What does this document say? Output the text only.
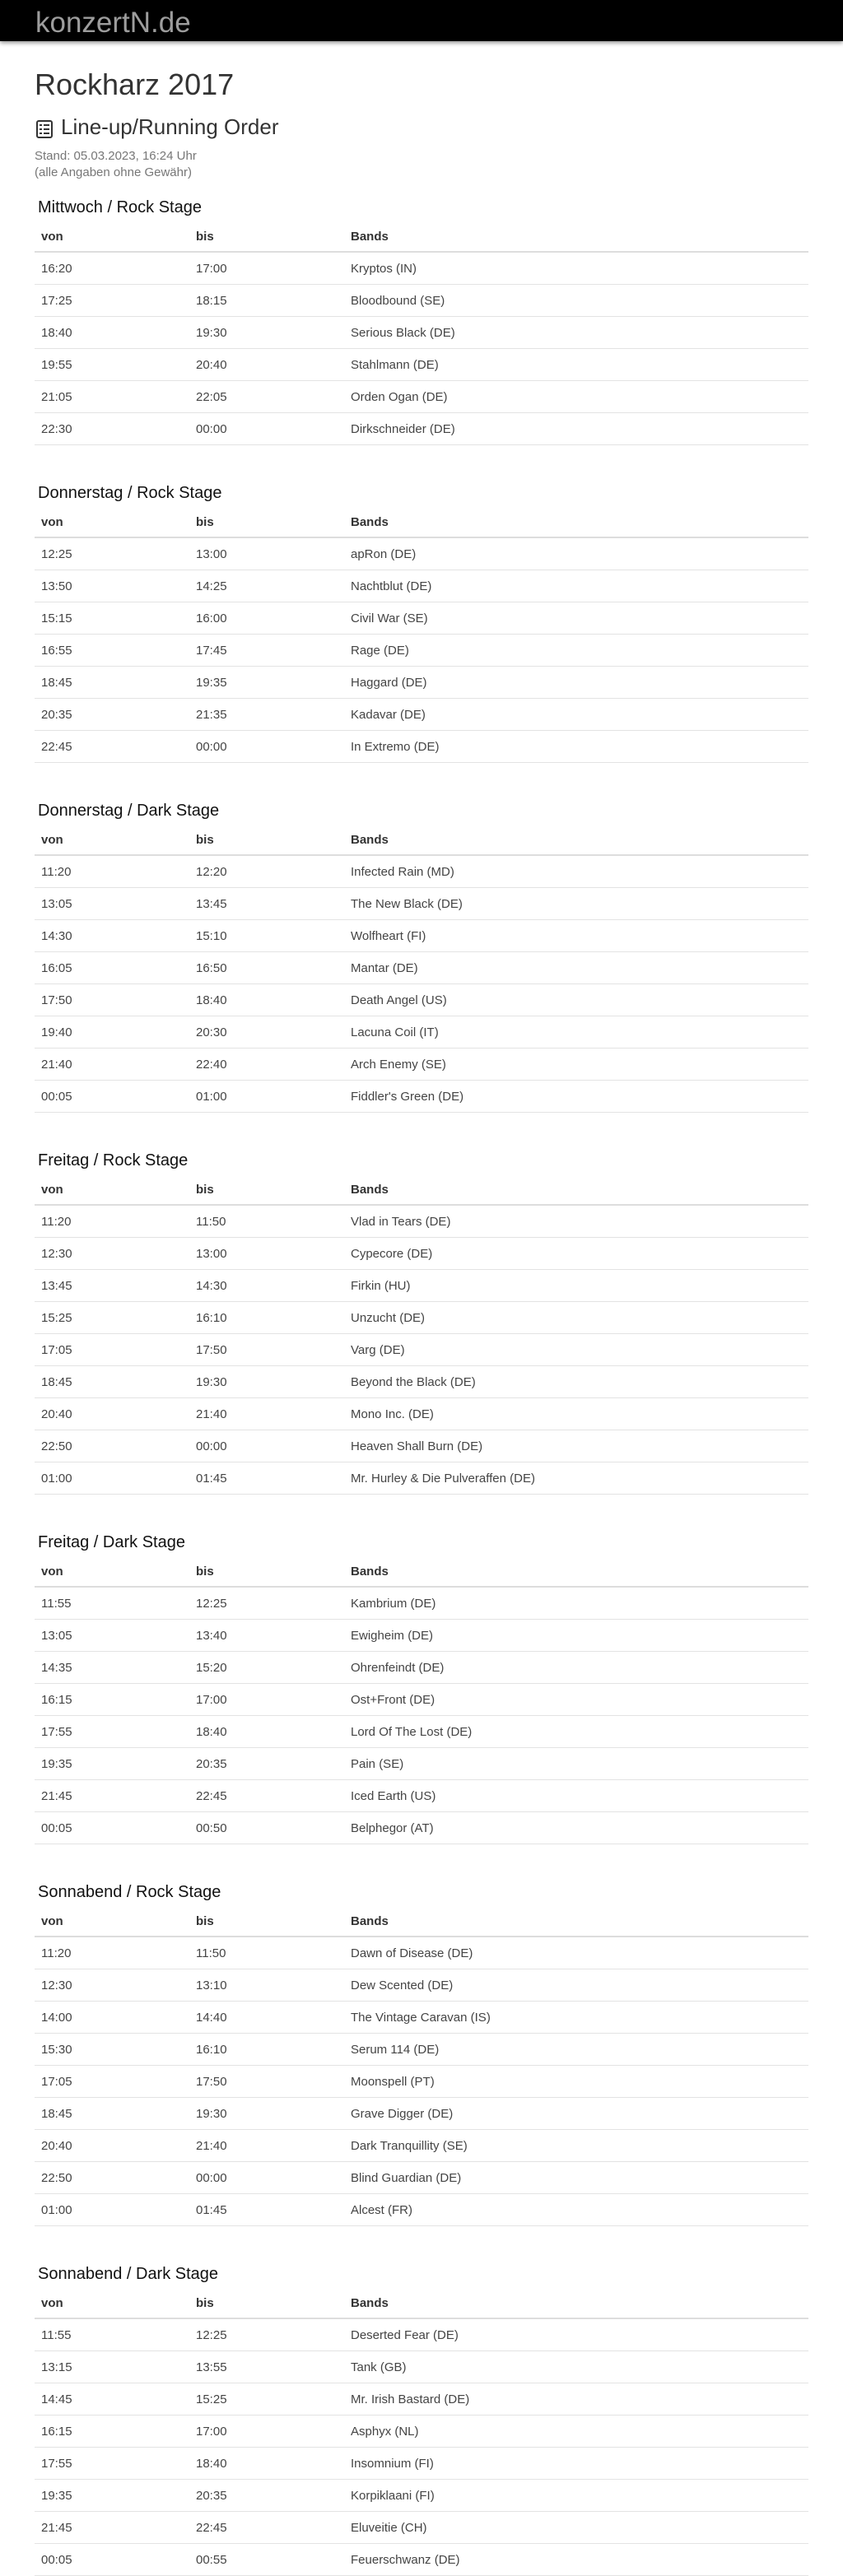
konzertN.de
Rockharz 2017
Line-up/Running Order
Stand: 05.03.2023, 16:24 Uhr
(alle Angaben ohne Gewähr)
Mittwoch / Rock Stage
von	bis	Bands
16:20	17:00	Kryptos (IN)
17:25	18:15	Bloodbound (SE)
18:40	19:30	Serious Black (DE)
19:55	20:40	Stahlmann (DE)
21:05	22:05	Orden Ogan (DE)
22:30	00:00	Dirkschneider (DE)
Donnerstag / Rock Stage
von	bis	Bands
12:25	13:00	apRon (DE)
13:50	14:25	Nachtblut (DE)
15:15	16:00	Civil War (SE)
16:55	17:45	Rage (DE)
18:45	19:35	Haggard (DE)
20:35	21:35	Kadavar (DE)
22:45	00:00	In Extremo (DE)
Donnerstag / Dark Stage
von	bis	Bands
11:20	12:20	Infected Rain (MD)
13:05	13:45	The New Black (DE)
14:30	15:10	Wolfheart (FI)
16:05	16:50	Mantar (DE)
17:50	18:40	Death Angel (US)
19:40	20:30	Lacuna Coil (IT)
21:40	22:40	Arch Enemy (SE)
00:05	01:00	Fiddler's Green (DE)
Freitag / Rock Stage
von	bis	Bands
11:20	11:50	Vlad in Tears (DE)
12:30	13:00	Cypecore (DE)
13:45	14:30	Firkin (HU)
15:25	16:10	Unzucht (DE)
17:05	17:50	Varg (DE)
18:45	19:30	Beyond the Black (DE)
20:40	21:40	Mono Inc. (DE)
22:50	00:00	Heaven Shall Burn (DE)
01:00	01:45	Mr. Hurley & Die Pulveraffen (DE)
Freitag / Dark Stage
von	bis	Bands
11:55	12:25	Kambrium (DE)
13:05	13:40	Ewigheim (DE)
14:35	15:20	Ohrenfeindt (DE)
16:15	17:00	Ost+Front (DE)
17:55	18:40	Lord Of The Lost (DE)
19:35	20:35	Pain (SE)
21:45	22:45	Iced Earth (US)
00:05	00:50	Belphegor (AT)
Sonnabend / Rock Stage
von	bis	Bands
11:20	11:50	Dawn of Disease (DE)
12:30	13:10	Dew Scented (DE)
14:00	14:40	The Vintage Caravan (IS)
15:30	16:10	Serum 114 (DE)
17:05	17:50	Moonspell (PT)
18:45	19:30	Grave Digger (DE)
20:40	21:40	Dark Tranquillity (SE)
22:50	00:00	Blind Guardian (DE)
01:00	01:45	Alcest (FR)
Sonnabend / Dark Stage
von	bis	Bands
11:55	12:25	Deserted Fear (DE)
13:15	13:55	Tank (GB)
14:45	15:25	Mr. Irish Bastard (DE)
16:15	17:00	Asphyx (NL)
17:55	18:40	Insomnium (FI)
19:35	20:35	Korpiklaani (FI)
21:45	22:45	Eluveitie (CH)
00:05	00:55	Feuerschwanz (DE)
